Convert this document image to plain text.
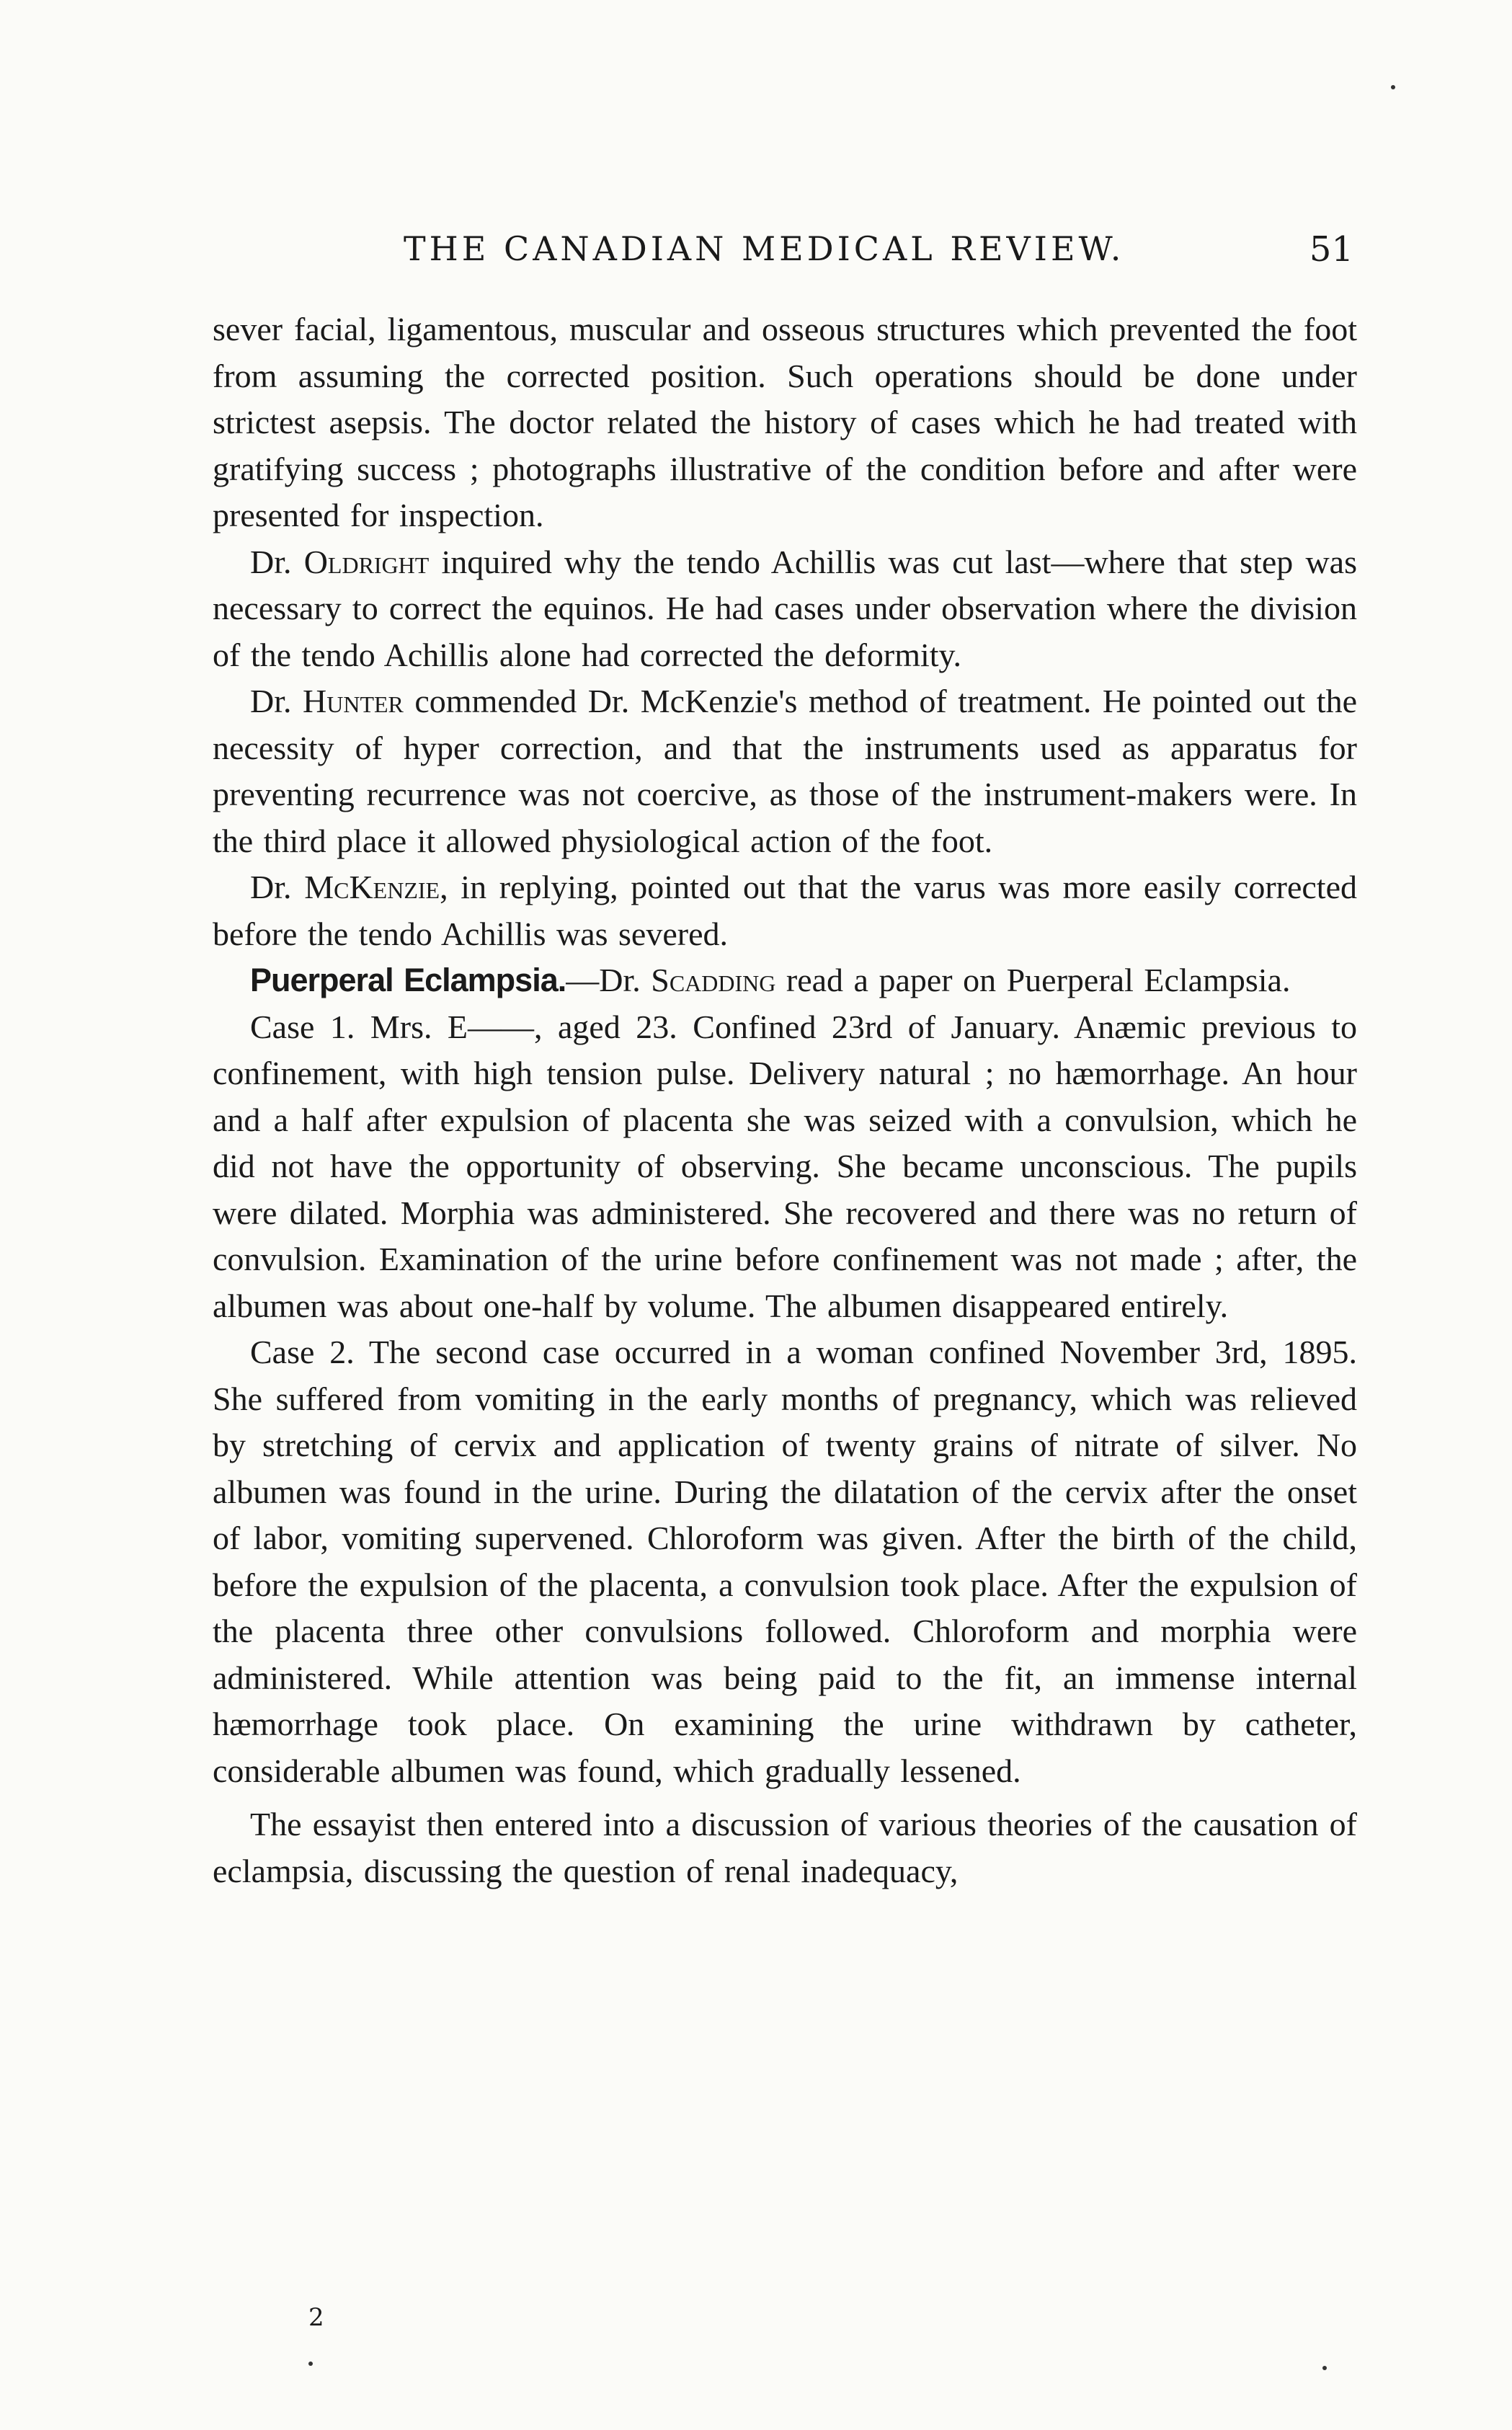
THE CANADIAN MEDICAL REVIEW.	51

sever facial, ligamentous, muscular and osseous structures which prevented the foot from assuming the corrected position. Such operations should be done under strictest asepsis. The doctor related the history of cases which he had treated with gratifying success ; photographs illustrative of the condition before and after were presented for inspection.

Dr. Oldright inquired why the tendo Achillis was cut last—where that step was necessary to correct the equinos. He had cases under observation where the division of the tendo Achillis alone had corrected the deformity.

Dr. Hunter commended Dr. McKenzie's method of treatment. He pointed out the necessity of hyper correction, and that the instruments used as apparatus for preventing recurrence was not coercive, as those of the instrument-makers were. In the third place it allowed physiological action of the foot.

Dr. McKenzie, in replying, pointed out that the varus was more easily corrected before the tendo Achillis was severed.

Puerperal Eclampsia.—Dr. Scadding read a paper on Puerperal Eclampsia.

Case 1. Mrs. E——, aged 23. Confined 23rd of January. Anæmic previous to confinement, with high tension pulse. Delivery natural ; no hæmorrhage. An hour and a half after expulsion of placenta she was seized with a convulsion, which he did not have the opportunity of observing. She became unconscious. The pupils were dilated. Morphia was administered. She recovered and there was no return of convulsion. Examination of the urine before confinement was not made ; after, the albumen was about one-half by volume. The albumen disappeared entirely.

Case 2. The second case occurred in a woman confined November 3rd, 1895. She suffered from vomiting in the early months of pregnancy, which was relieved by stretching of cervix and application of twenty grains of nitrate of silver. No albumen was found in the urine. During the dilatation of the cervix after the onset of labor, vomiting supervened. Chloroform was given. After the birth of the child, before the expulsion of the placenta, a convulsion took place. After the expulsion of the placenta three other convulsions followed. Chloroform and morphia were administered. While attention was being paid to the fit, an immense internal hæmorrhage took place. On examining the urine withdrawn by catheter, considerable albumen was found, which gradually lessened.

The essayist then entered into a discussion of various theories of the causation of eclampsia, discussing the question of renal inadequacy,

2
